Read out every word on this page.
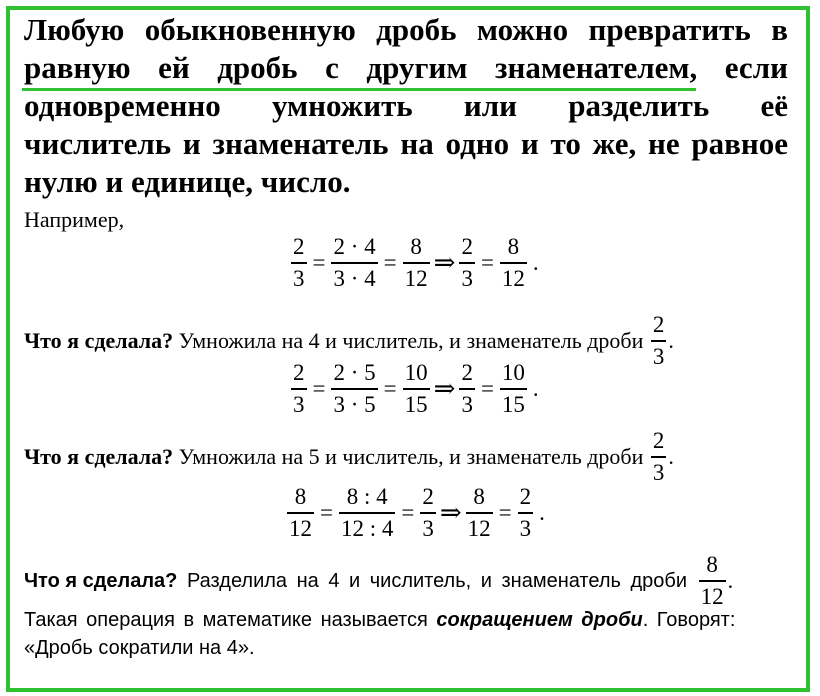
Любую обыкновенную дробь можно превратить в
равную ей дробь с другим знаменателем, если
одновременно умножить или разделить её
числитель и знаменатель на одно и то же, не равное
нулю и единице, число.
Например,
$\frac{2}{3} = \frac{2 \cdot 4}{3 \cdot 4} = \frac{8}{12}$ ⇒ $\frac{2}{3} = \frac{8}{12}$ .
Что я сделала? Умножила на 4 и числитель, и знаменатель дроби $\frac{2}{3}$ .
$\frac{2}{3} = \frac{2 \cdot 5}{3 \cdot 5} = \frac{10}{15}$ ⇒ $\frac{2}{3} = \frac{10}{15}$ .
Что я сделала? Умножила на 5 и числитель, и знаменатель дроби $\frac{2}{3}$ .
$\frac{8}{12} = \frac{8 : 4}{12 : 4} = \frac{2}{3}$ ⇒ $\frac{8}{12} = \frac{2}{3}$ .
Что я сделала? Разделила на 4 и числитель, и знаменатель дроби $\frac{8}{12}$ .
Такая операция в математике называется сокращением дроби. Говорят:
«Дробь сократили на 4».
